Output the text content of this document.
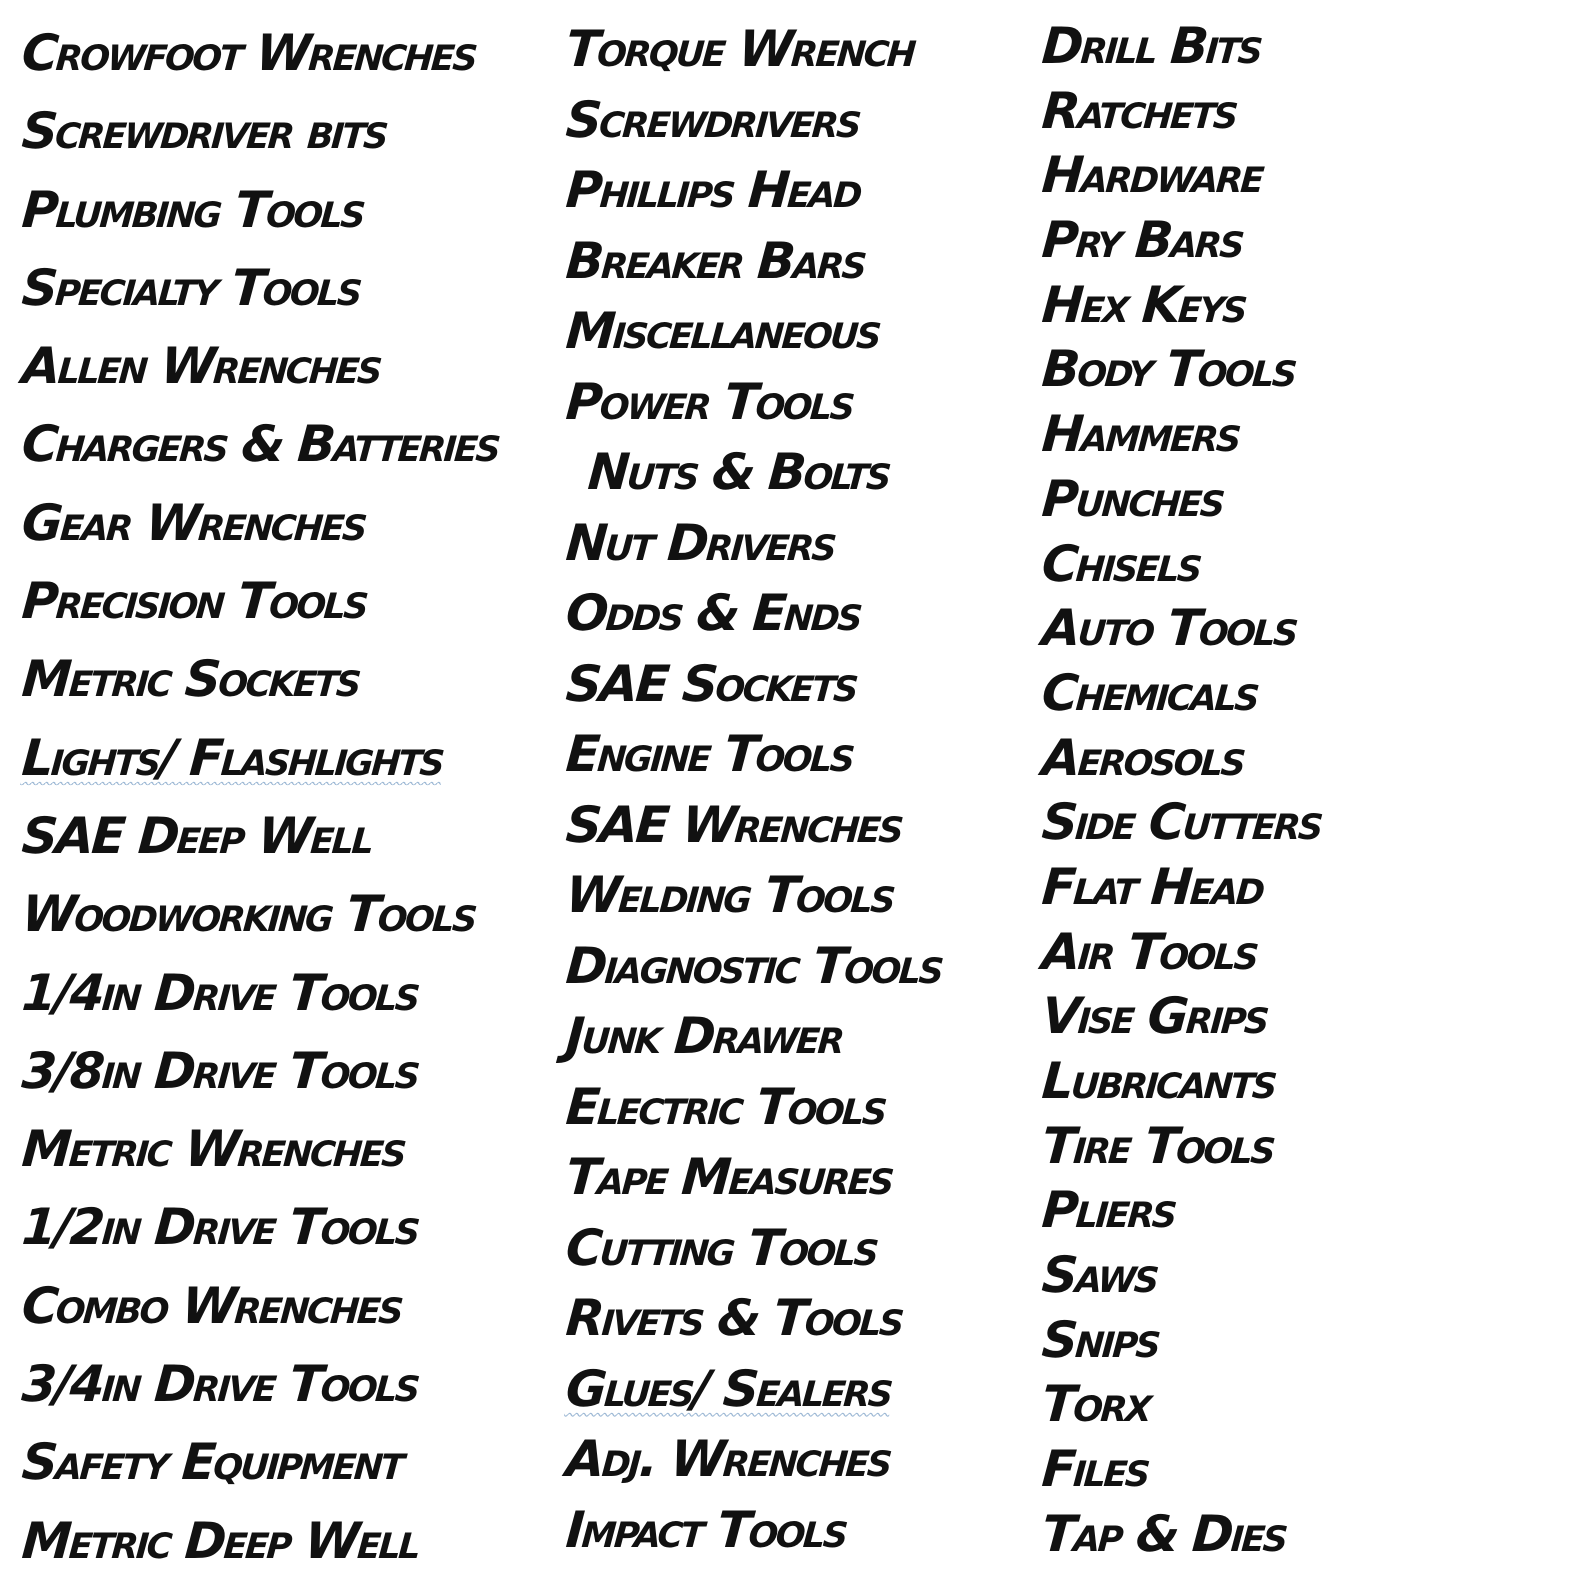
Crowfoot Wrenches
Screwdriver bits
Plumbing Tools
Specialty Tools
Allen Wrenches
Chargers & Batteries
Gear Wrenches
Precision Tools
Metric Sockets
Lights/ Flashlights
SAE Deep Well
Woodworking Tools
1/4in Drive Tools
3/8in Drive Tools
Metric Wrenches
1/2in Drive Tools
Combo Wrenches
3/4in Drive Tools
Safety Equipment
Metric Deep Well
Torque Wrench
Screwdrivers
Phillips Head
Breaker Bars
Miscellaneous
Power Tools
Nuts & Bolts
Nut Drivers
Odds & Ends
SAE Sockets
Engine Tools
SAE Wrenches
Welding Tools
Diagnostic Tools
Junk Drawer
Electric Tools
Tape Measures
Cutting Tools
Rivets & Tools
Glues/ Sealers
Adj. Wrenches
Impact Tools
Drill Bits
Ratchets
Hardware
Pry Bars
Hex Keys
Body Tools
Hammers
Punches
Chisels
Auto Tools
Chemicals
Aerosols
Side Cutters
Flat Head
Air Tools
Vise Grips
Lubricants
Tire Tools
Pliers
Saws
Snips
Torx
Files
Tap & Dies
